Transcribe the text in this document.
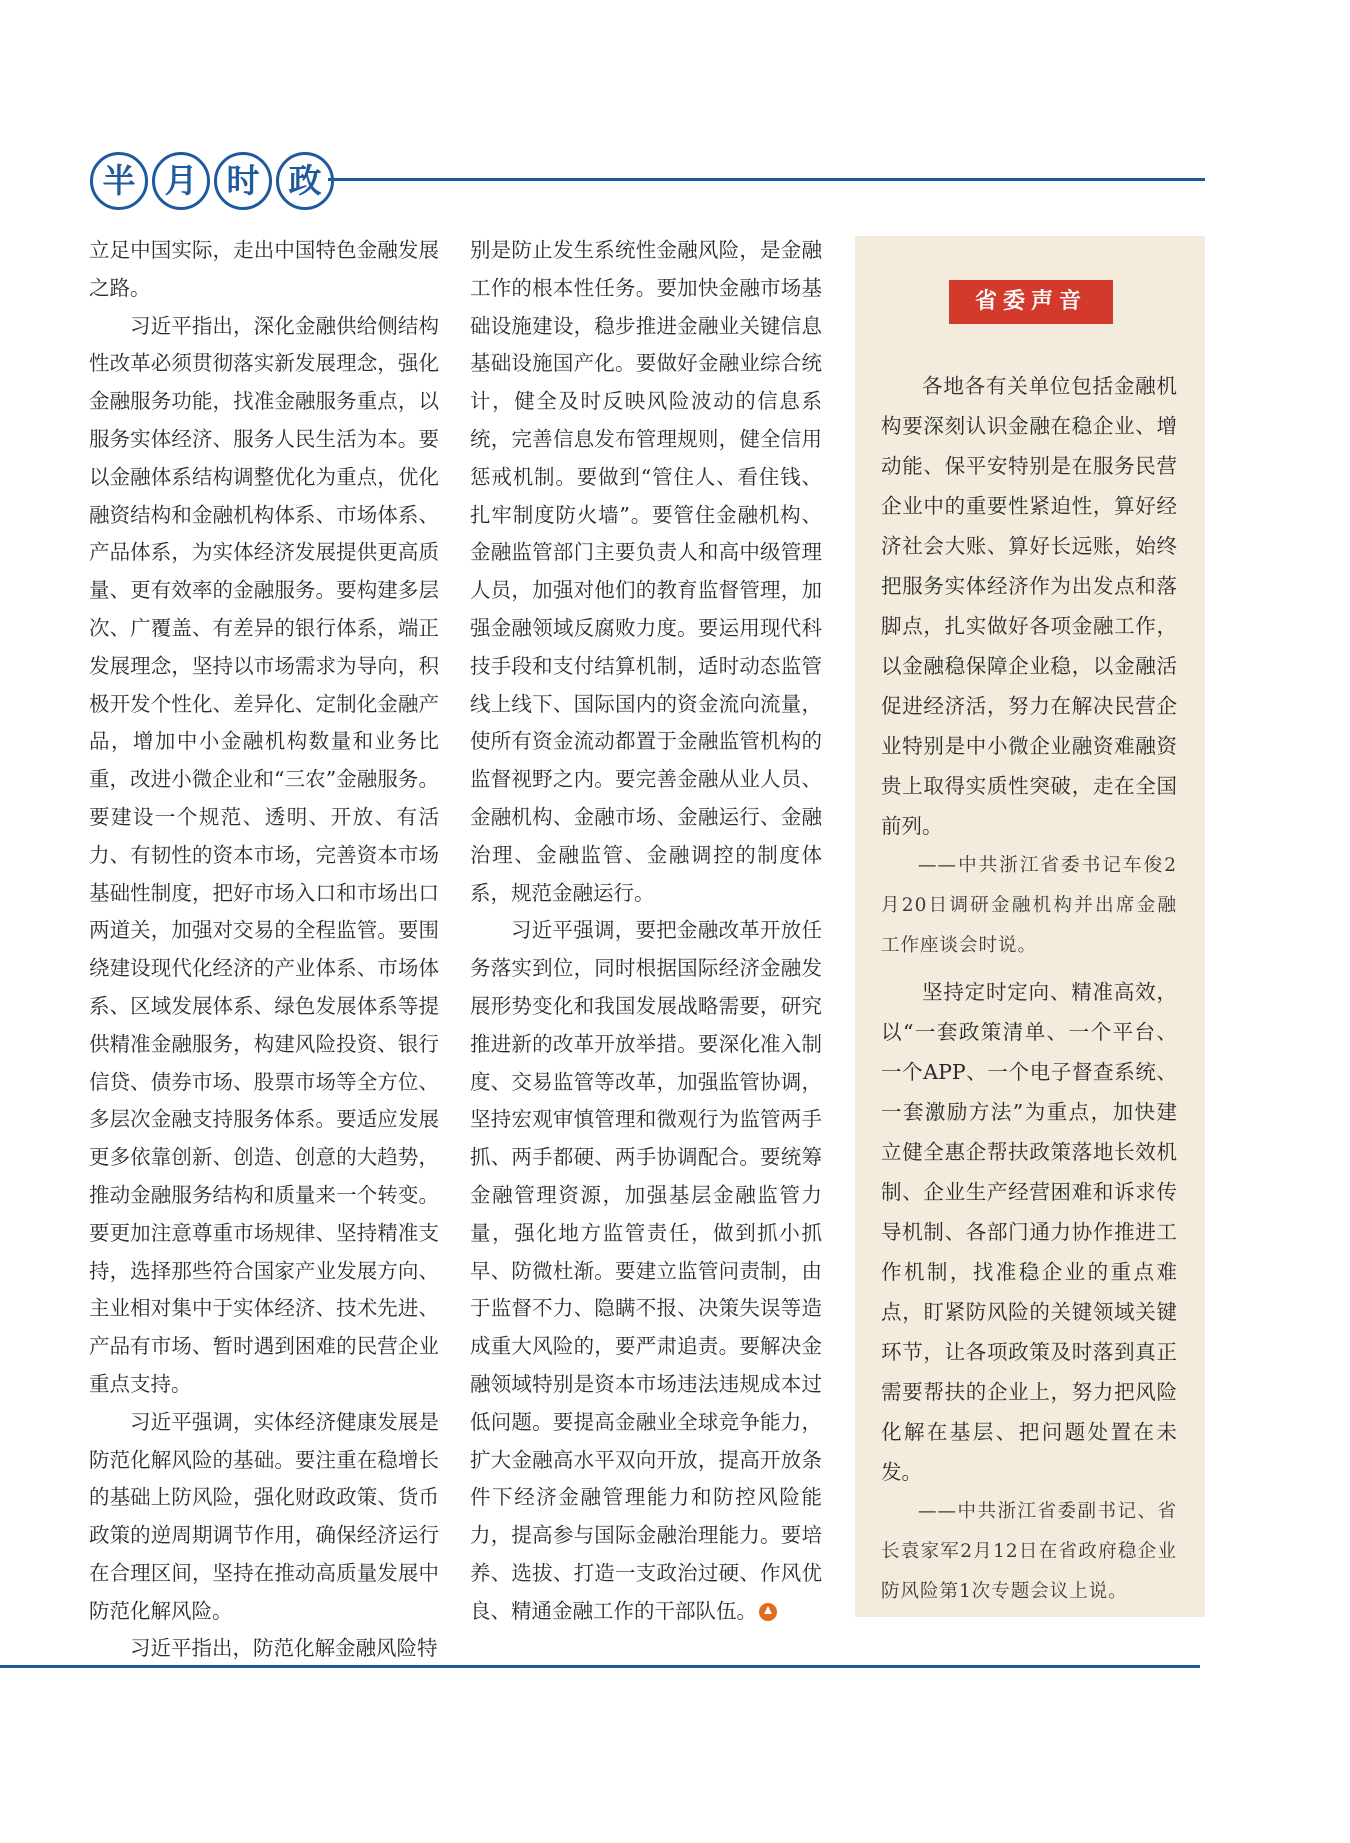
半 月 时 政

立足中国实际，走出中国特色金融发展之路。

习近平指出，深化金融供给侧结构性改革必须贯彻落实新发展理念，强化金融服务功能，找准金融服务重点，以服务实体经济、服务人民生活为本。要以金融体系结构调整优化为重点，优化融资结构和金融机构体系、市场体系、产品体系，为实体经济发展提供更高质量、更有效率的金融服务。要构建多层次、广覆盖、有差异的银行体系，端正发展理念，坚持以市场需求为导向，积极开发个性化、差异化、定制化金融产品，增加中小金融机构数量和业务比重，改进小微企业和“三农”金融服务。要建设一个规范、透明、开放、有活力、有韧性的资本市场，完善资本市场基础性制度，把好市场入口和市场出口两道关，加强对交易的全程监管。要围绕建设现代化经济的产业体系、市场体系、区域发展体系、绿色发展体系等提供精准金融服务，构建风险投资、银行信贷、债券市场、股票市场等全方位、多层次金融支持服务体系。要适应发展更多依靠创新、创造、创意的大趋势，推动金融服务结构和质量来一个转变。要更加注意尊重市场规律、坚持精准支持，选择那些符合国家产业发展方向、主业相对集中于实体经济、技术先进、产品有市场、暂时遇到困难的民营企业重点支持。

习近平强调，实体经济健康发展是防范化解风险的基础。要注重在稳增长的基础上防风险，强化财政政策、货币政策的逆周期调节作用，确保经济运行在合理区间，坚持在推动高质量发展中防范化解风险。

习近平指出，防范化解金融风险特

别是防止发生系统性金融风险，是金融工作的根本性任务。要加快金融市场基础设施建设，稳步推进金融业关键信息基础设施国产化。要做好金融业综合统计，健全及时反映风险波动的信息系统，完善信息发布管理规则，健全信用惩戒机制。要做到“管住人、看住钱、扎牢制度防火墙”。要管住金融机构、金融监管部门主要负责人和高中级管理人员，加强对他们的教育监督管理，加强金融领域反腐败力度。要运用现代科技手段和支付结算机制，适时动态监管线上线下、国际国内的资金流向流量，使所有资金流动都置于金融监管机构的监督视野之内。要完善金融从业人员、金融机构、金融市场、金融运行、金融治理、金融监管、金融调控的制度体系，规范金融运行。

习近平强调，要把金融改革开放任务落实到位，同时根据国际经济金融发展形势变化和我国发展战略需要，研究推进新的改革开放举措。要深化准入制度、交易监管等改革，加强监管协调，坚持宏观审慎管理和微观行为监管两手抓、两手都硬、两手协调配合。要统筹金融管理资源，加强基层金融监管力量，强化地方监管责任，做到抓小抓早、防微杜渐。要建立监管问责制，由于监督不力、隐瞒不报、决策失误等造成重大风险的，要严肃追责。要解决金融领域特别是资本市场违法违规成本过低问题。要提高金融业全球竞争能力，扩大金融高水平双向开放，提高开放条件下经济金融管理能力和防控风险能力，提高参与国际金融治理能力。要培养、选拔、打造一支政治过硬、作风优良、精通金融工作的干部队伍。

省委声音

各地各有关单位包括金融机构要深刻认识金融在稳企业、增动能、保平安特别是在服务民营企业中的重要性紧迫性，算好经济社会大账、算好长远账，始终把服务实体经济作为出发点和落脚点，扎实做好各项金融工作，以金融稳保障企业稳，以金融活促进经济活，努力在解决民营企业特别是中小微企业融资难融资贵上取得实质性突破，走在全国前列。

——中共浙江省委书记车俊2月20日调研金融机构并出席金融工作座谈会时说。

坚持定时定向、精准高效，以“一套政策清单、一个平台、一个APP、一个电子督查系统、一套激励方法”为重点，加快建立健全惠企帮扶政策落地长效机制、企业生产经营困难和诉求传导机制、各部门通力协作推进工作机制，找准稳企业的重点难点，盯紧防风险的关键领域关键环节，让各项政策及时落到真正需要帮扶的企业上，努力把风险化解在基层、把问题处置在未发。

——中共浙江省委副书记、省长袁家军2月12日在省政府稳企业防风险第1次专题会议上说。
